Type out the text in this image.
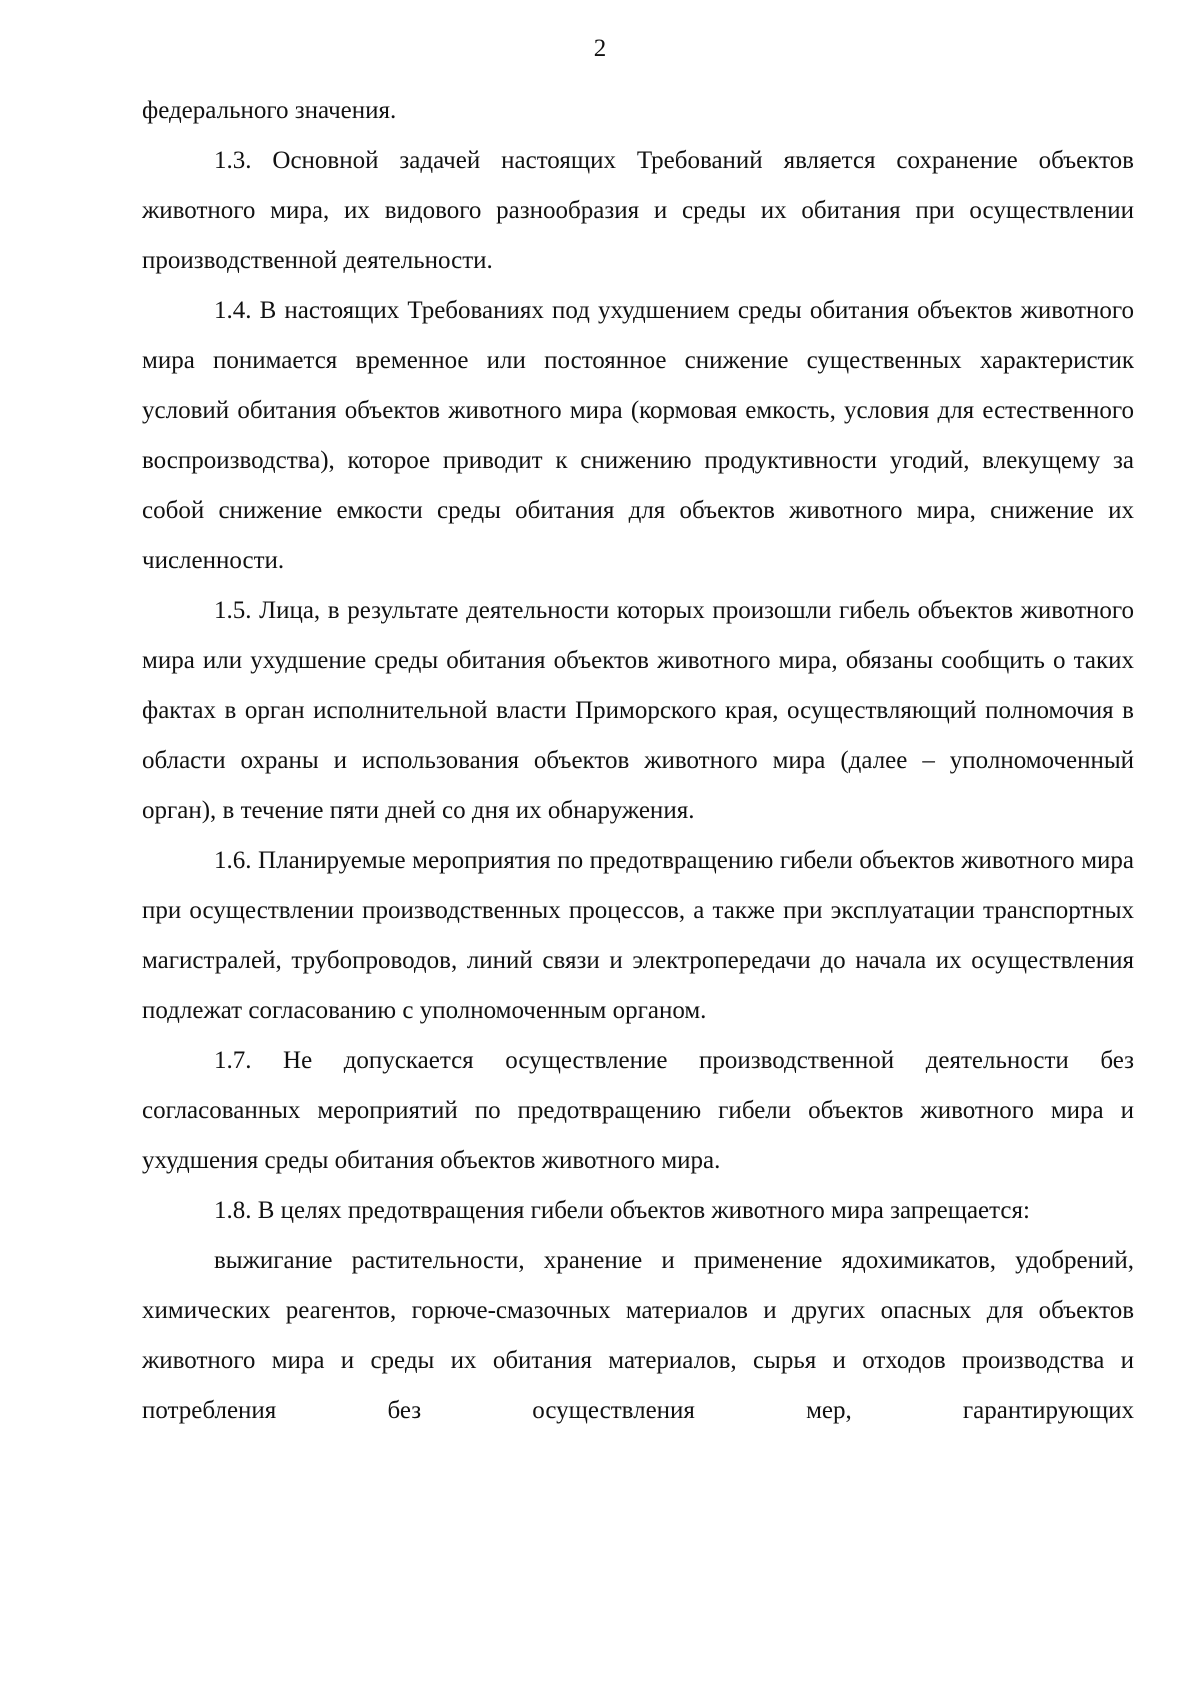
2

федерального значения.

1.3. Основной задачей настоящих Требований является сохранение объектов животного мира, их видового разнообразия и среды их обитания при осуществлении производственной деятельности.

1.4. В настоящих Требованиях под ухудшением среды обитания объектов животного мира понимается временное или постоянное снижение существенных характеристик условий обитания объектов животного мира (кормовая емкость, условия для естественного воспроизводства), которое приводит к снижению продуктивности угодий, влекущему за собой снижение емкости среды обитания для объектов животного мира, снижение их численности.

1.5. Лица, в результате деятельности которых произошли гибель объектов животного мира или ухудшение среды обитания объектов животного мира, обязаны сообщить о таких фактах в орган исполнительной власти Приморского края, осуществляющий полномочия в области охраны и использования объектов животного мира (далее – уполномоченный орган), в течение пяти дней со дня их обнаружения.

1.6. Планируемые мероприятия по предотвращению гибели объектов животного мира при осуществлении производственных процессов, а также при эксплуатации транспортных магистралей, трубопроводов, линий связи и электропередачи до начала их осуществления подлежат согласованию с уполномоченным органом.

1.7. Не допускается осуществление производственной деятельности без согласованных мероприятий по предотвращению гибели объектов животного мира и ухудшения среды обитания объектов животного мира.

1.8. В целях предотвращения гибели объектов животного мира запрещается:

выжигание растительности, хранение и применение ядохимикатов, удобрений, химических реагентов, горюче-смазочных материалов и других опасных для объектов животного мира и среды их обитания материалов, сырья и отходов производства и потребления без осуществления мер, гарантирующих
